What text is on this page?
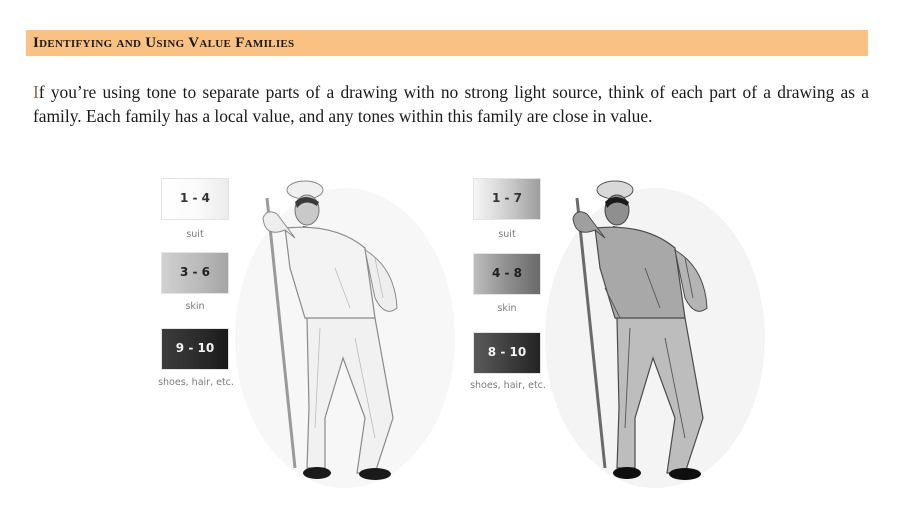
Identifying and Using Value Families
If you’re using tone to separate parts of a drawing with no strong light source, think of each part of a drawing as a family. Each family has a local value, and any tones within this family are close in value.
1 - 4
suit
3 - 6
skin
9 - 10
shoes, hair, etc.
1 - 7
suit
4 - 8
skin
8 - 10
shoes, hair, etc.
